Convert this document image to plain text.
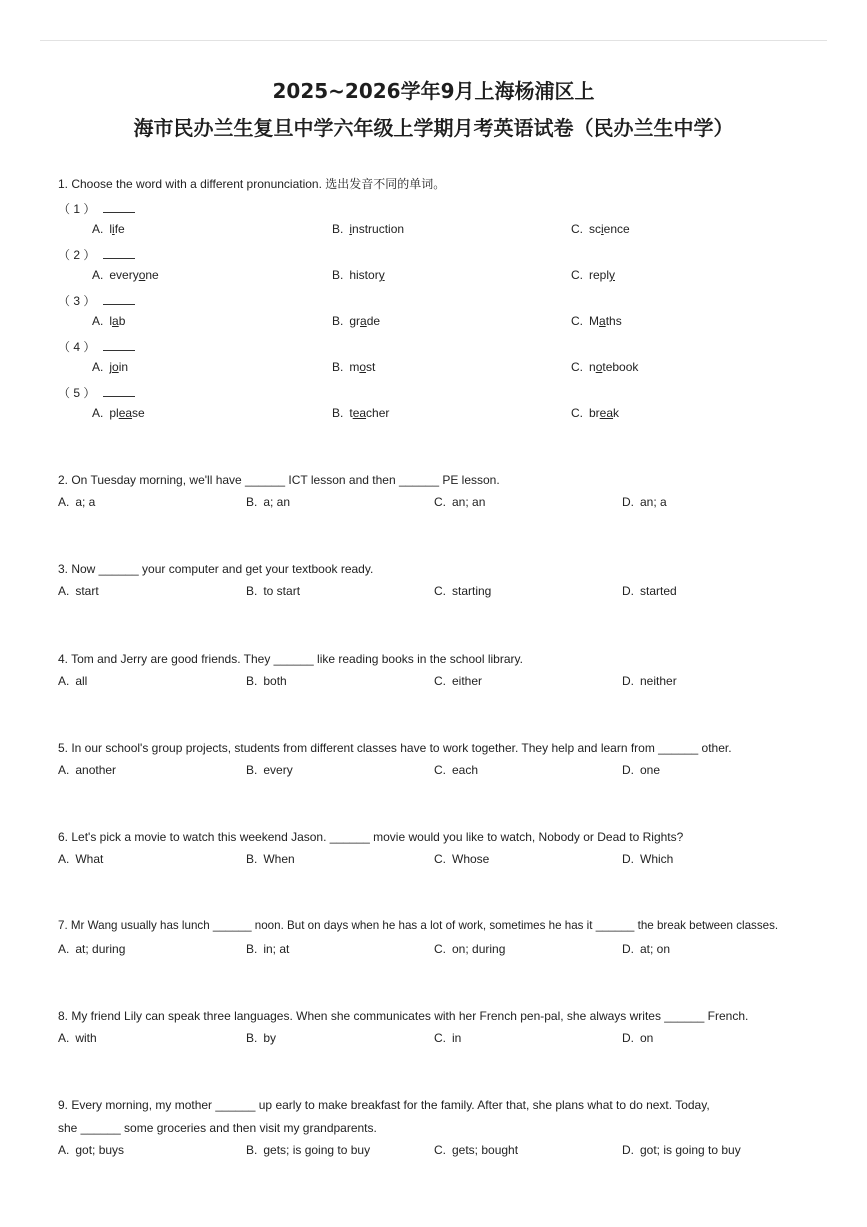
2025~2026学年9月上海杨浦区上
海市民办兰生复旦中学六年级上学期月考英语试卷（民办兰生中学）
1. Choose the word with a different pronunciation. 选出发音不同的单词。
（ 1 ）
A. life	B. instruction	C. science
（ 2 ）
A. everyone	B. history	C. reply
（ 3 ）
A. lab	B. grade	C. Maths
（ 4 ）
A. join	B. most	C. notebook
（ 5 ）
A. please	B. teacher	C. break
2. On Tuesday morning, we'll have ______ ICT lesson and then ______ PE lesson.
A. a; a	B. a; an	C. an; an	D. an; a
3. Now ______ your computer and get your textbook ready.
A. start	B. to start	C. starting	D. started
4. Tom and Jerry are good friends. They ______ like reading books in the school library.
A. all	B. both	C. either	D. neither
5. In our school's group projects, students from different classes have to work together. They help and learn from ______ other.
A. another	B. every	C. each	D. one
6. Let's pick a movie to watch this weekend Jason. ______ movie would you like to watch, Nobody or Dead to Rights?
A. What	B. When	C. Whose	D. Which
7. Mr Wang usually has lunch ______ noon. But on days when he has a lot of work, sometimes he has it ______ the break between classes.
A. at; during	B. in; at	C. on; during	D. at; on
8. My friend Lily can speak three languages. When she communicates with her French pen-pal, she always writes ______ French.
A. with	B. by	C. in	D. on
9. Every morning, my mother ______ up early to make breakfast for the family. After that, she plans what to do next. Today,
she ______ some groceries and then visit my grandparents.
A. got; buys	B. gets; is going to buy	C. gets; bought	D. got; is going to buy
